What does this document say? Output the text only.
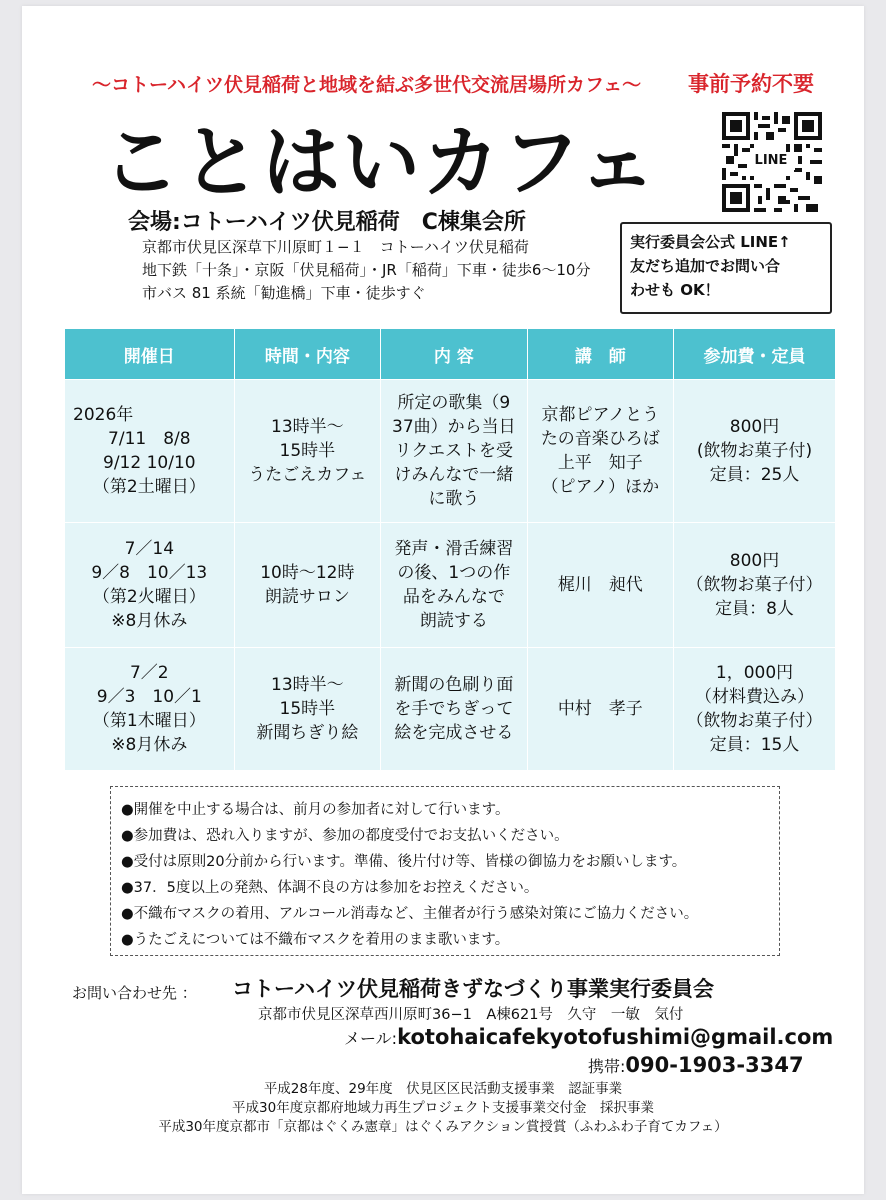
〜コトーハイツ伏見稲荷と地域を結ぶ多世代交流居場所カフェ〜	事前予約不要
ことはいカフェ	LINE
実行委員会公式 LINE↑
友だち追加でお問い合
わせも OK！
会場:コトーハイツ伏見稲荷　C棟集会所
京都市伏見区深草下川原町１−１　コトーハイツ伏見稲荷
地下鉄「十条」・京阪「伏見稲荷」・JR「稲荷」下車・徒歩6〜10分
市バス 81 系統「勧進橋」下車・徒歩すぐ
開催日	時間・内容	内 容	講　師	参加費・定員

2026年
7/11　8/8
9/12 10/10
（第2土曜日）	13時半〜
15時半
うたごえカフェ	所定の歌集（9
37曲）から当日
リクエストを受
けみんなで一緒
に歌う	京都ピアノとう
たの音楽ひろば
上平　知子
（ピアノ）ほか	800円
(飲物お菓子付)
定員：25人

7／14
9／8　10／13
（第2火曜日）
※8月休み	10時〜12時
朗読サロン	発声・滑舌練習
の後、1つの作
品をみんなで
朗読する	梶川　昶代	800円
（飲物お菓子付）
定員：8人

7／2
9／3　10／1
（第1木曜日）
※8月休み	13時半〜
15時半
新聞ちぎり絵	新聞の色刷り面
を手でちぎって
絵を完成させる	中村　孝子	1，000円
（材料費込み）
（飲物お菓子付）
定員：15人
●開催を中止する場合は、前月の参加者に対して行います。
●参加費は、恐れ入りますが、参加の都度受付でお支払いください。
●受付は原則20分前から行います。準備、後片付け等、皆様の御協力をお願いします。
●37．5度以上の発熱、体調不良の方は参加をお控えください。
●不織布マスクの着用、アルコール消毒など、主催者が行う感染対策にご協力ください。
●うたごえについては不織布マスクを着用のまま歌います。
お問い合わせ先 ： コトーハイツ伏見稲荷きずなづくり事業実行委員会
京都市伏見区深草西川原町36−1　A棟621号　久守　一敏　気付
メール:kotohaicafekyotofushimi@gmail.com
携帯:090-1903-3347
平成28年度、29年度　伏見区区民活動支援事業　認証事業
平成30年度京都府地域力再生プロジェクト支援事業交付金　採択事業
平成30年度京都市「京都はぐくみ憲章」はぐくみアクション賞授賞（ふわふわ子育てカフェ）
